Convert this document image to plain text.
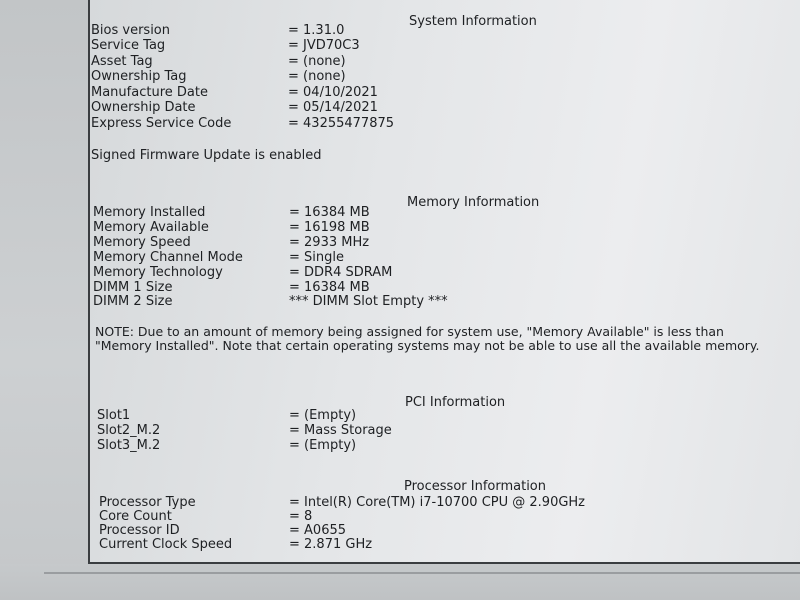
System Information
Bios version	= 1.31.0
Service Tag	= JVD70C3
Asset Tag	= (none)
Ownership Tag	= (none)
Manufacture Date	= 04/10/2021
Ownership Date	= 05/14/2021
Express Service Code	= 43255477875
Signed Firmware Update is enabled
Memory Information
Memory Installed	= 16384 MB
Memory Available	= 16198 MB
Memory Speed	= 2933 MHz
Memory Channel Mode	= Single
Memory Technology	= DDR4 SDRAM
DIMM 1 Size	= 16384 MB
DIMM 2 Size	*** DIMM Slot Empty ***
NOTE: Due to an amount of memory being assigned for system use, "Memory Available" is less than "Memory Installed". Note that certain operating systems may not be able to use all the available memory.
PCI Information
Slot1	= (Empty)
Slot2_M.2	= Mass Storage
Slot3_M.2	= (Empty)
Processor Information
Processor Type	= Intel(R) Core(TM) i7-10700 CPU @ 2.90GHz
Core Count	= 8
Processor ID	= A0655
Current Clock Speed	= 2.871 GHz
